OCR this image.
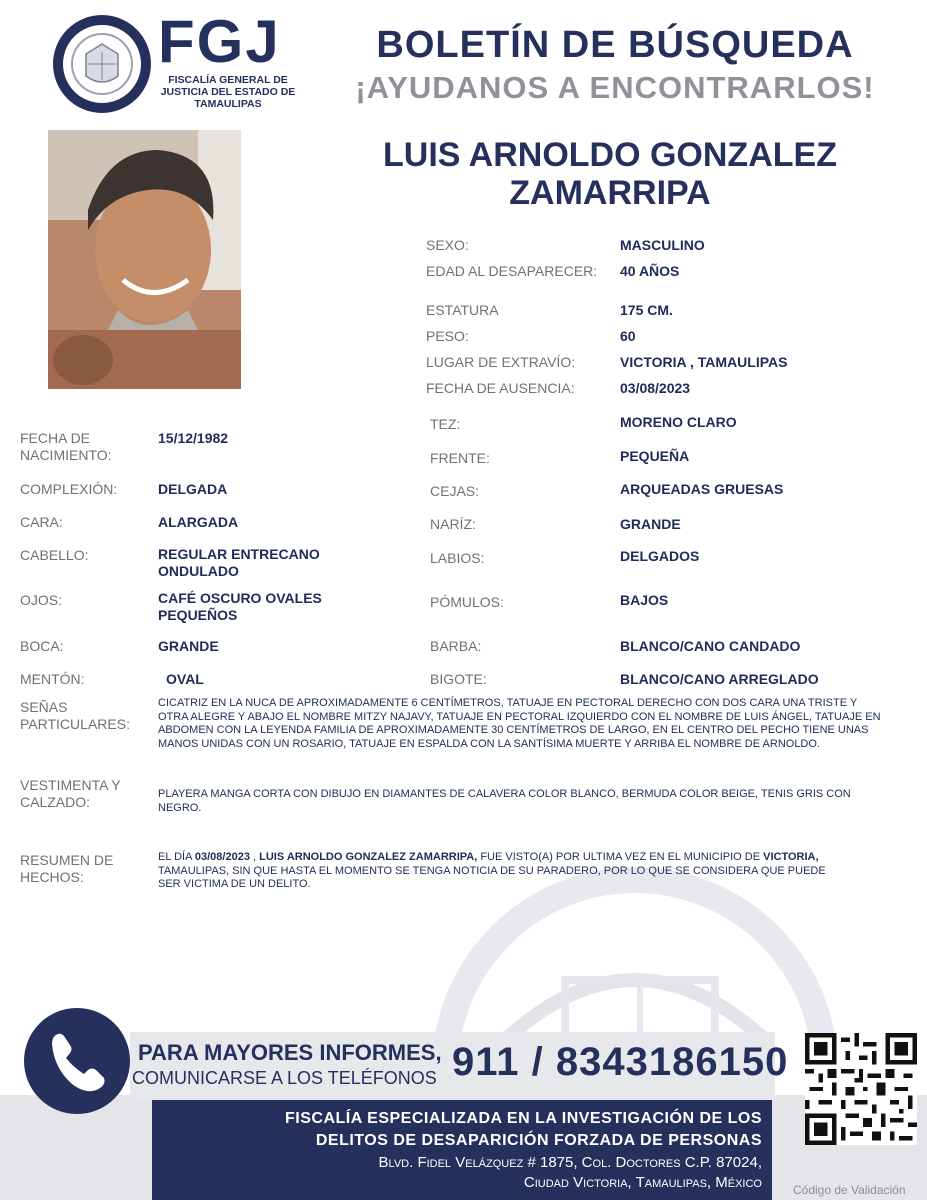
FGJ
FISCALÍA GENERAL DE JUSTICIA DEL ESTADO DE TAMAULIPAS
BOLETÍN DE BÚSQUEDA
¡AYUDANOS A ENCONTRARLOS!
LUIS ARNOLDO GONZALEZ ZAMARRIPA
SEXO:	MASCULINO
EDAD AL DESAPARECER:	40 AÑOS
ESTATURA	175 CM.
PESO:	60
LUGAR DE EXTRAVÍO:	VICTORIA , TAMAULIPAS
FECHA DE AUSENCIA:	03/08/2023
FECHA DE NACIMIENTO:
15/12/1982
COMPLEXIÓN:	DELGADA
CARA:	ALARGADA
CABELLO:	REGULAR ENTRECANO ONDULADO
OJOS:	CAFÉ OSCURO OVALES PEQUEÑOS
BOCA:	GRANDE
MENTÓN:	OVAL
TEZ:	MORENO CLARO
FRENTE:	PEQUEÑA
CEJAS:	ARQUEADAS GRUESAS
NARÍZ:	GRANDE
LABIOS:	DELGADOS
PÓMULOS:	BAJOS
BARBA:	BLANCO/CANO CANDADO
BIGOTE:	BLANCO/CANO ARREGLADO
SEÑAS PARTICULARES:
CICATRIZ EN LA NUCA DE APROXIMADAMENTE 6 CENTÍMETROS, TATUAJE EN PECTORAL DERECHO CON DOS CARA UNA TRISTE Y OTRA ALEGRE Y ABAJO EL NOMBRE MITZY NAJAVY, TATUAJE EN PECTORAL IZQUIERDO CON EL NOMBRE DE LUIS ÁNGEL, TATUAJE EN ABDOMEN CON LA LEYENDA FAMILIA DE APROXIMADAMENTE 30 CENTÍMETROS DE LARGO, EN EL CENTRO DEL PECHO TIENE UNAS MANOS UNIDAS CON UN ROSARIO, TATUAJE EN ESPALDA CON LA SANTÍSIMA MUERTE Y ARRIBA EL NOMBRE DE ARNOLDO.
VESTIMENTA Y CALZADO:	PLAYERA MANGA CORTA CON DIBUJO EN DIAMANTES DE CALAVERA COLOR BLANCO, BERMUDA COLOR BEIGE, TENIS GRIS CON NEGRO.
RESUMEN DE HECHOS:
EL DÍA 03/08/2023 , LUIS ARNOLDO GONZALEZ ZAMARRIPA, FUE VISTO(A) POR ULTIMA VEZ EN EL MUNICIPIO DE VICTORIA, TAMAULIPAS, SIN QUE HASTA EL MOMENTO SE TENGA NOTICIA DE SU PARADERO, POR LO QUE SE CONSIDERA QUE PUEDE SER VICTIMA DE UN DELITO.
PARA MAYORES INFORMES,
COMUNICARSE A LOS TELÉFONOS 911 / 8343186150
FISCALÍA ESPECIALIZADA EN LA INVESTIGACIÓN DE LOS
DELITOS DE DESAPARICIÓN FORZADA DE PERSONAS
Blvd. Fidel Velázquez # 1875, Col. Doctores C.P. 87024,
Ciudad Victoria, Tamaulipas, México	Código de Validación
